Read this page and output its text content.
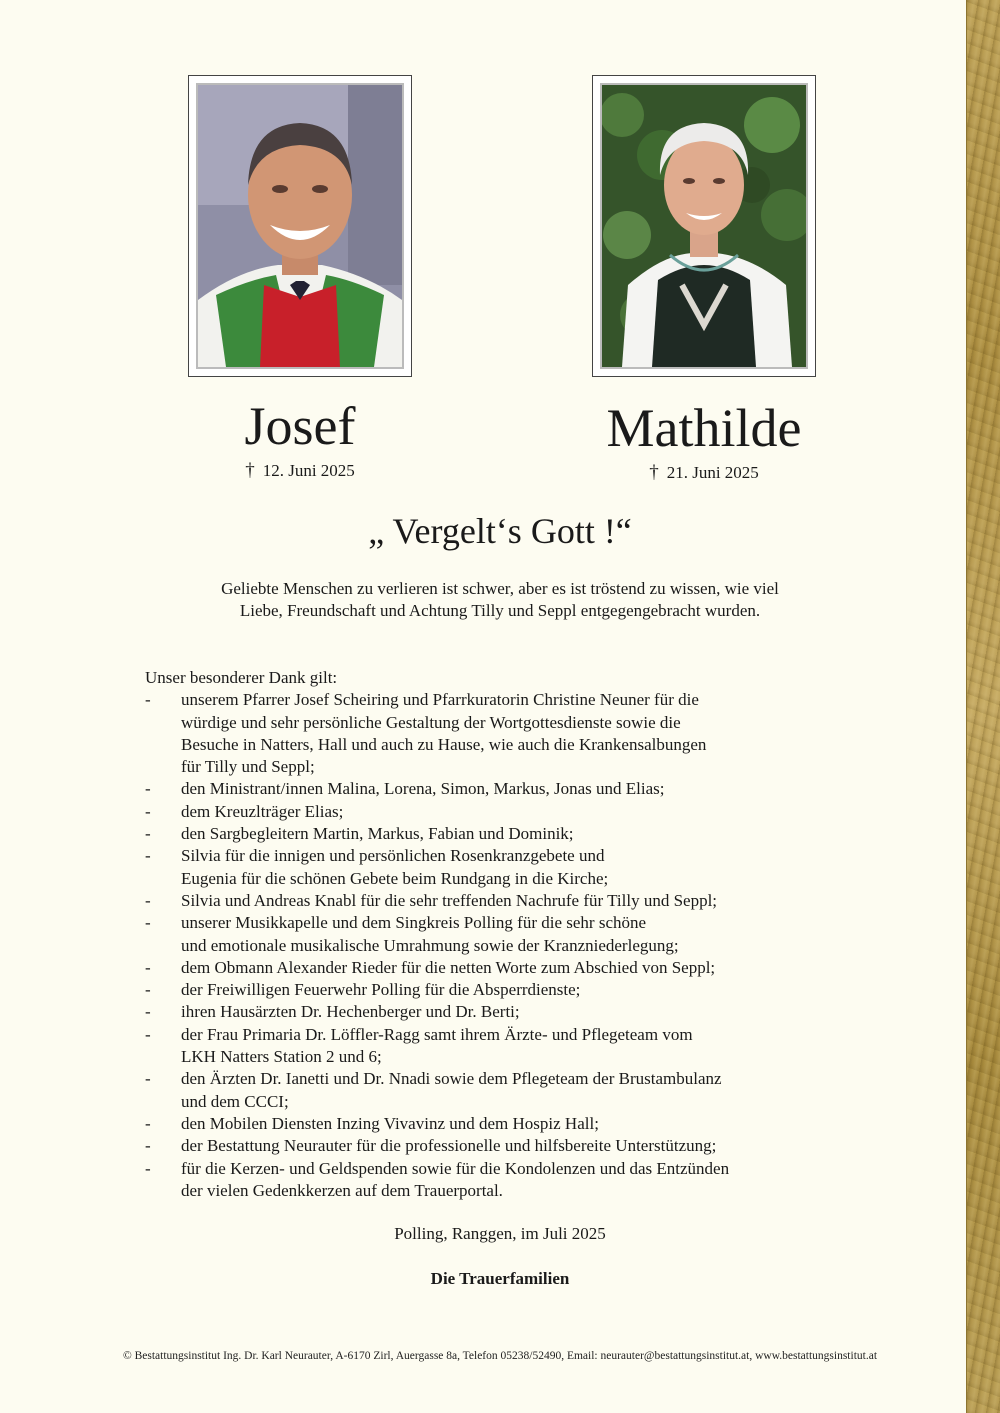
Josef
† 12. Juni 2025
Mathilde
† 21. Juni 2025
„ Vergelt‘s Gott !“
Geliebte Menschen zu verlieren ist schwer, aber es ist tröstend zu wissen, wie viel
Liebe, Freundschaft und Achtung Tilly und Seppl entgegengebracht wurden.
Unser besonderer Dank gilt:
-	unserem Pfarrer Josef Scheiring und Pfarrkuratorin Christine Neuner für die
würdige und sehr persönliche Gestaltung der Wortgottesdienste sowie die
Besuche in Natters, Hall und auch zu Hause, wie auch die Krankensalbungen
für Tilly und Seppl;
-	den Ministrant/innen Malina, Lorena, Simon, Markus, Jonas und Elias;
-	dem Kreuzlträger Elias;
-	den Sargbegleitern Martin, Markus, Fabian und Dominik;
-	Silvia für die innigen und persönlichen Rosenkranzgebete und
Eugenia für die schönen Gebete beim Rundgang in die Kirche;
-	Silvia und Andreas Knabl für die sehr treffenden Nachrufe für Tilly und Seppl;
-	unserer Musikkapelle und dem Singkreis Polling für die sehr schöne
und emotionale musikalische Umrahmung sowie der Kranzniederlegung;
-	dem Obmann Alexander Rieder für die netten Worte zum Abschied von Seppl;
-	der Freiwilligen Feuerwehr Polling für die Absperrdienste;
-	ihren Hausärzten Dr. Hechenberger und Dr. Berti;
-	der Frau Primaria Dr. Löffler-Ragg samt ihrem Ärzte- und Pflegeteam vom
LKH Natters Station 2 und 6;
-	den Ärzten Dr. Ianetti und Dr. Nnadi sowie dem Pflegeteam der Brustambulanz
und dem CCCI;
-	den Mobilen Diensten Inzing Vivavinz und dem Hospiz Hall;
-	der Bestattung Neurauter für die professionelle und hilfsbereite Unterstützung;
-	für die Kerzen- und Geldspenden sowie für die Kondolenzen und das Entzünden
der vielen Gedenkkerzen auf dem Trauerportal.
Polling, Ranggen, im Juli 2025
Die Trauerfamilien
© Bestattungsinstitut Ing. Dr. Karl Neurauter, A-6170 Zirl, Auergasse 8a, Telefon 05238/52490, Email: neurauter@bestattungsinstitut.at, www.bestattungsinstitut.at
